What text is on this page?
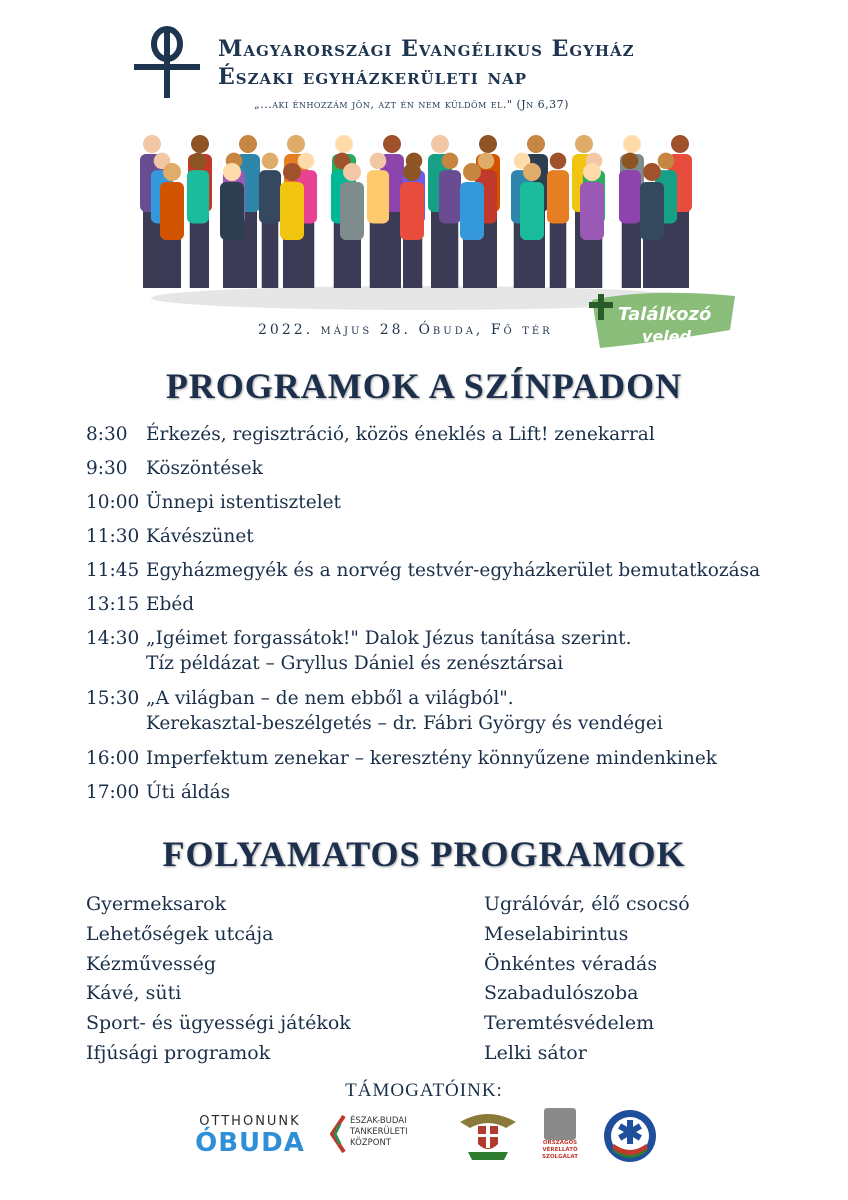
Magyarországi Evangélikus Egyház
Északi egyházkerületi nap
„...aki énhozzám jön, azt én nem küldöm el." (Jn 6,37)
2022. május 28. Óbuda, Fő tér
Találkozó
veled
PROGRAMOK A SZÍNPADON
8:30 Érkezés, regisztráció, közös éneklés a Lift! zenekarral
9:30 Köszöntések
10:00 Ünnepi istentisztelet
11:30 Kávészünet
11:45 Egyházmegyék és a norvég testvér-egyházkerület bemutatkozása
13:15 Ebéd
14:30 „Igéimet forgassátok!" Dalok Jézus tanítása szerint.
Tíz példázat – Gryllus Dániel és zenésztársai
15:30 „A világban – de nem ebből a világból".
Kerekasztal-beszélgetés – dr. Fábri György és vendégei
16:00 Imperfektum zenekar – keresztény könnyűzene mindenkinek
17:00 Úti áldás
FOLYAMATOS PROGRAMOK
Gyermeksarok
Lehetőségek utcája
Kézművesség
Kávé, süti
Sport- és ügyességi játékok
Ifjúsági programok
Ugrálóvár, élő csocsó
Meselabirintus
Önkéntes véradás
Szabadulószoba
Teremtésvédelem
Lelki sátor
TÁMOGATÓINK:
OTTHONUNK
ÓBUDA
ÉSZAK-BUDAI
TANKERÜLETI
KÖZPONT	ORSZÁGOS
VÉRELLÁTÓ
SZOLGÁLAT
